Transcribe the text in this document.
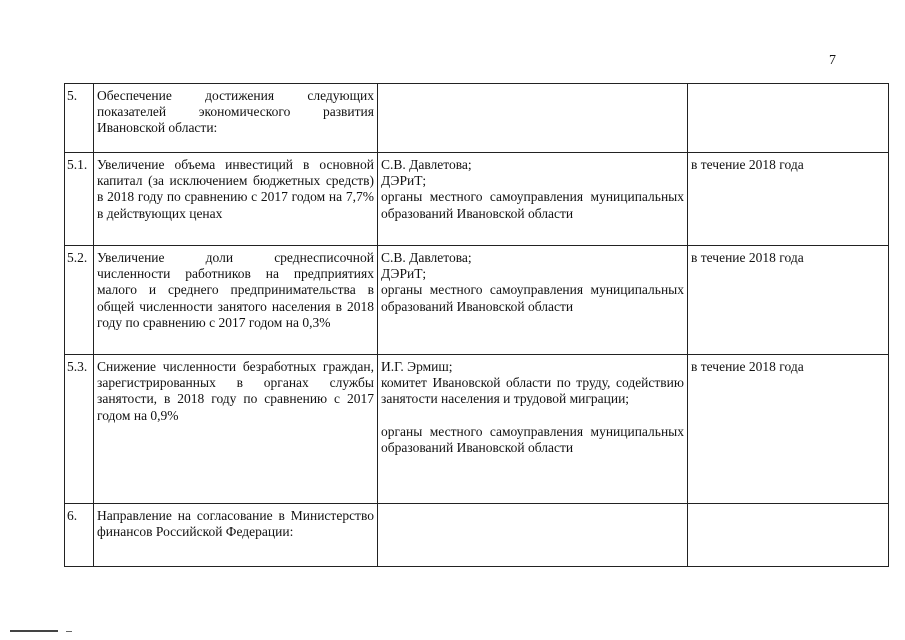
7
5.	Обеспечение достижения следующих показателей экономического развития Ивановской области:		
5.1.	Увеличение объема инвестиций в основной капитал (за исключением бюджетных средств) в 2018 году по сравнению с 2017 годом на 7,7% в действующих ценах	С.В. Давлетова;
ДЭРиТ;
органы местного самоуправления муниципальных образований Ивановской области	в течение 2018 года
5.2.	Увеличение доли среднесписочной численности работников на предприятиях малого и среднего предпринимательства в общей численности занятого населения в 2018 году по сравнению с 2017 годом на 0,3%	С.В. Давлетова;
ДЭРиТ;
органы местного самоуправления муниципальных образований Ивановской области	в течение 2018 года
5.3.	Снижение численности безработных граждан, зарегистрированных в органах службы занятости, в 2018 году по сравнению с 2017 годом на 0,9%	И.Г. Эрмиш;
комитет Ивановской области по труду, содействию занятости населения и трудовой миграции;
органы местного самоуправления муниципальных образований Ивановской области	в течение 2018 года
6.	Направление на согласование в Министерство финансов Российской Федерации:		
